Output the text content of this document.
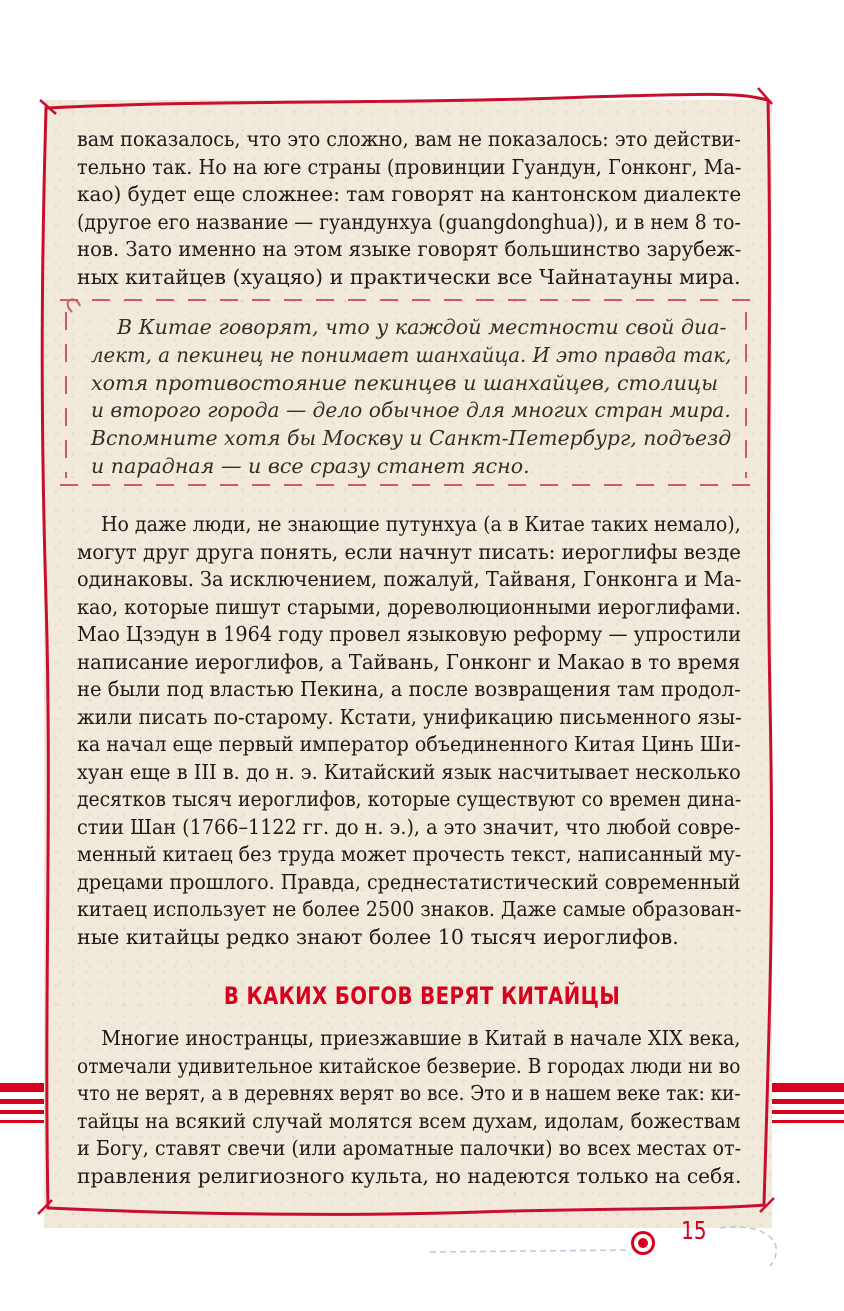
вам показалось, что это сложно, вам не показалось: это действи-
тельно так. Но на юге страны (провинции Гуандун, Гонконг, Ма-
као) будет еще сложнее: там говорят на кантонском диалекте
(другое его название — гуандунхуа (guangdonghua)), и в нем 8 то-
нов. Зато именно на этом языке говорят большинство зарубеж-
ных китайцев (хуацяо) и практически все Чайнатауны мира.

В Китае говорят, что у каждой местности свой диа-
лект, а пекинец не понимает шанхайца. И это правда так,
хотя противостояние пекинцев и шанхайцев, столицы
и второго города — дело обычное для многих стран мира.
Вспомните хотя бы Москву и Санкт-Петербург, подъезд
и парадная — и все сразу станет ясно.

Но даже люди, не знающие путунхуа (а в Китае таких немало),
могут друг друга понять, если начнут писать: иероглифы везде
одинаковы. За исключением, пожалуй, Тайваня, Гонконга и Ма-
као, которые пишут старыми, дореволюционными иероглифами.
Мао Цзэдун в 1964 году провел языковую реформу — упростили
написание иероглифов, а Тайвань, Гонконг и Макао в то время
не были под властью Пекина, а после возвращения там продол-
жили писать по-старому. Кстати, унификацию письменного язы-
ка начал еще первый император объединенного Китая Цинь Ши-
хуан еще в III в. до н. э. Китайский язык насчитывает несколько
десятков тысяч иероглифов, которые существуют со времен дина-
стии Шан (1766–1122 гг. до н. э.), а это значит, что любой совре-
менный китаец без труда может прочесть текст, написанный му-
дрецами прошлого. Правда, среднестатистический современный
китаец использует не более 2500 знаков. Даже самые образован-
ные китайцы редко знают более 10 тысяч иероглифов.

В КАКИХ БОГОВ ВЕРЯТ КИТАЙЦЫ

Многие иностранцы, приезжавшие в Китай в начале XIX века,
отмечали удивительное китайское безверие. В городах люди ни во
что не верят, а в деревнях верят во все. Это и в нашем веке так: ки-
тайцы на всякий случай молятся всем духам, идолам, божествам
и Богу, ставят свечи (или ароматные палочки) во всех местах от-
правления религиозного культа, но надеются только на себя.

15
